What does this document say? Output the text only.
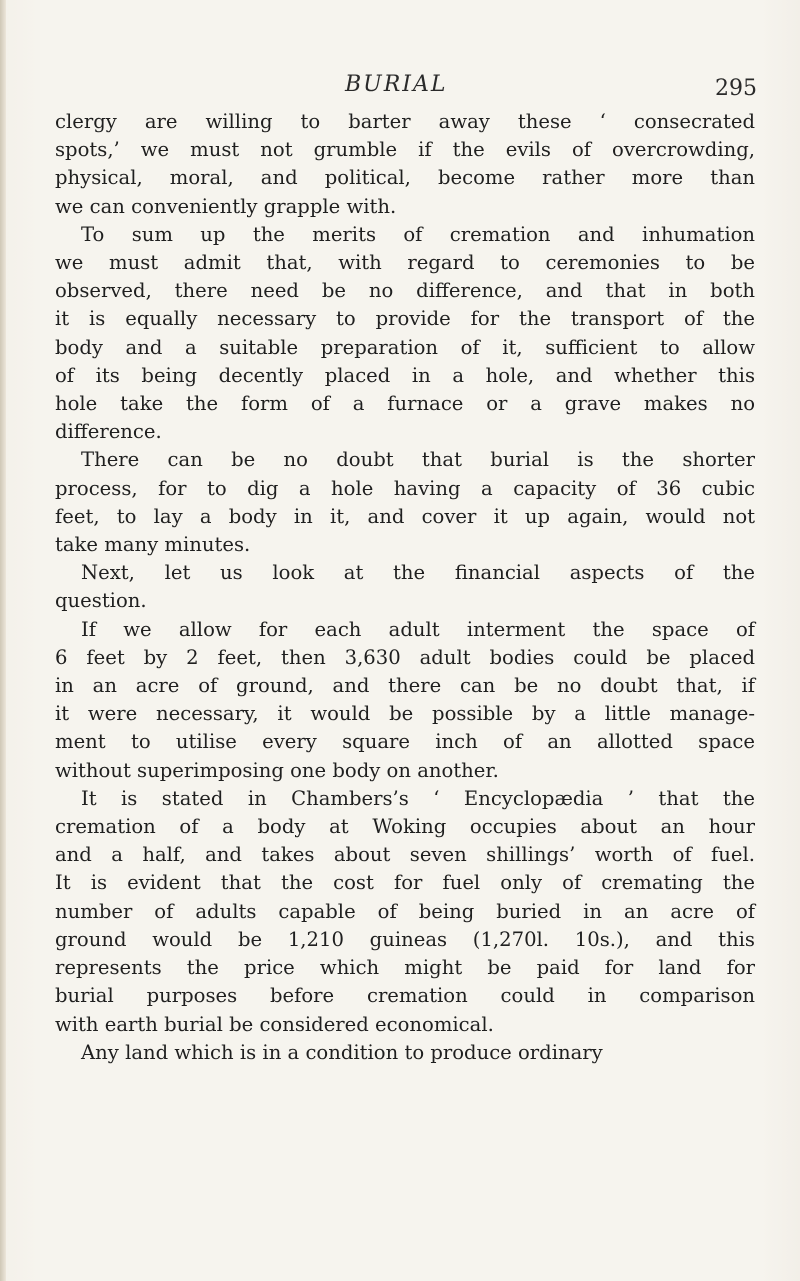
BURIAL	295

clergy are willing to barter away these ‘ consecrated
spots,’ we must not grumble if the evils of overcrowding,
physical, moral, and political, become rather more than
we can conveniently grapple with.

To sum up the merits of cremation and inhumation
we must admit that, with regard to ceremonies to be
observed, there need be no difference, and that in both
it is equally necessary to provide for the transport of the
body and a suitable preparation of it, sufficient to allow
of its being decently placed in a hole, and whether this
hole take the form of a furnace or a grave makes no
difference.

There can be no doubt that burial is the shorter
process, for to dig a hole having a capacity of 36 cubic
feet, to lay a body in it, and cover it up again, would not
take many minutes.

Next, let us look at the financial aspects of the
question.

If we allow for each adult interment the space of
6 feet by 2 feet, then 3,630 adult bodies could be placed
in an acre of ground, and there can be no doubt that, if
it were necessary, it would be possible by a little manage-
ment to utilise every square inch of an allotted space
without superimposing one body on another.

It is stated in Chambers’s ‘ Encyclopædia ’ that the
cremation of a body at Woking occupies about an hour
and a half, and takes about seven shillings’ worth of fuel.
It is evident that the cost for fuel only of cremating the
number of adults capable of being buried in an acre of
ground would be 1,210 guineas (1,270l. 10s.), and this
represents the price which might be paid for land for
burial purposes before cremation could in comparison
with earth burial be considered economical.

Any land which is in a condition to produce ordinary
